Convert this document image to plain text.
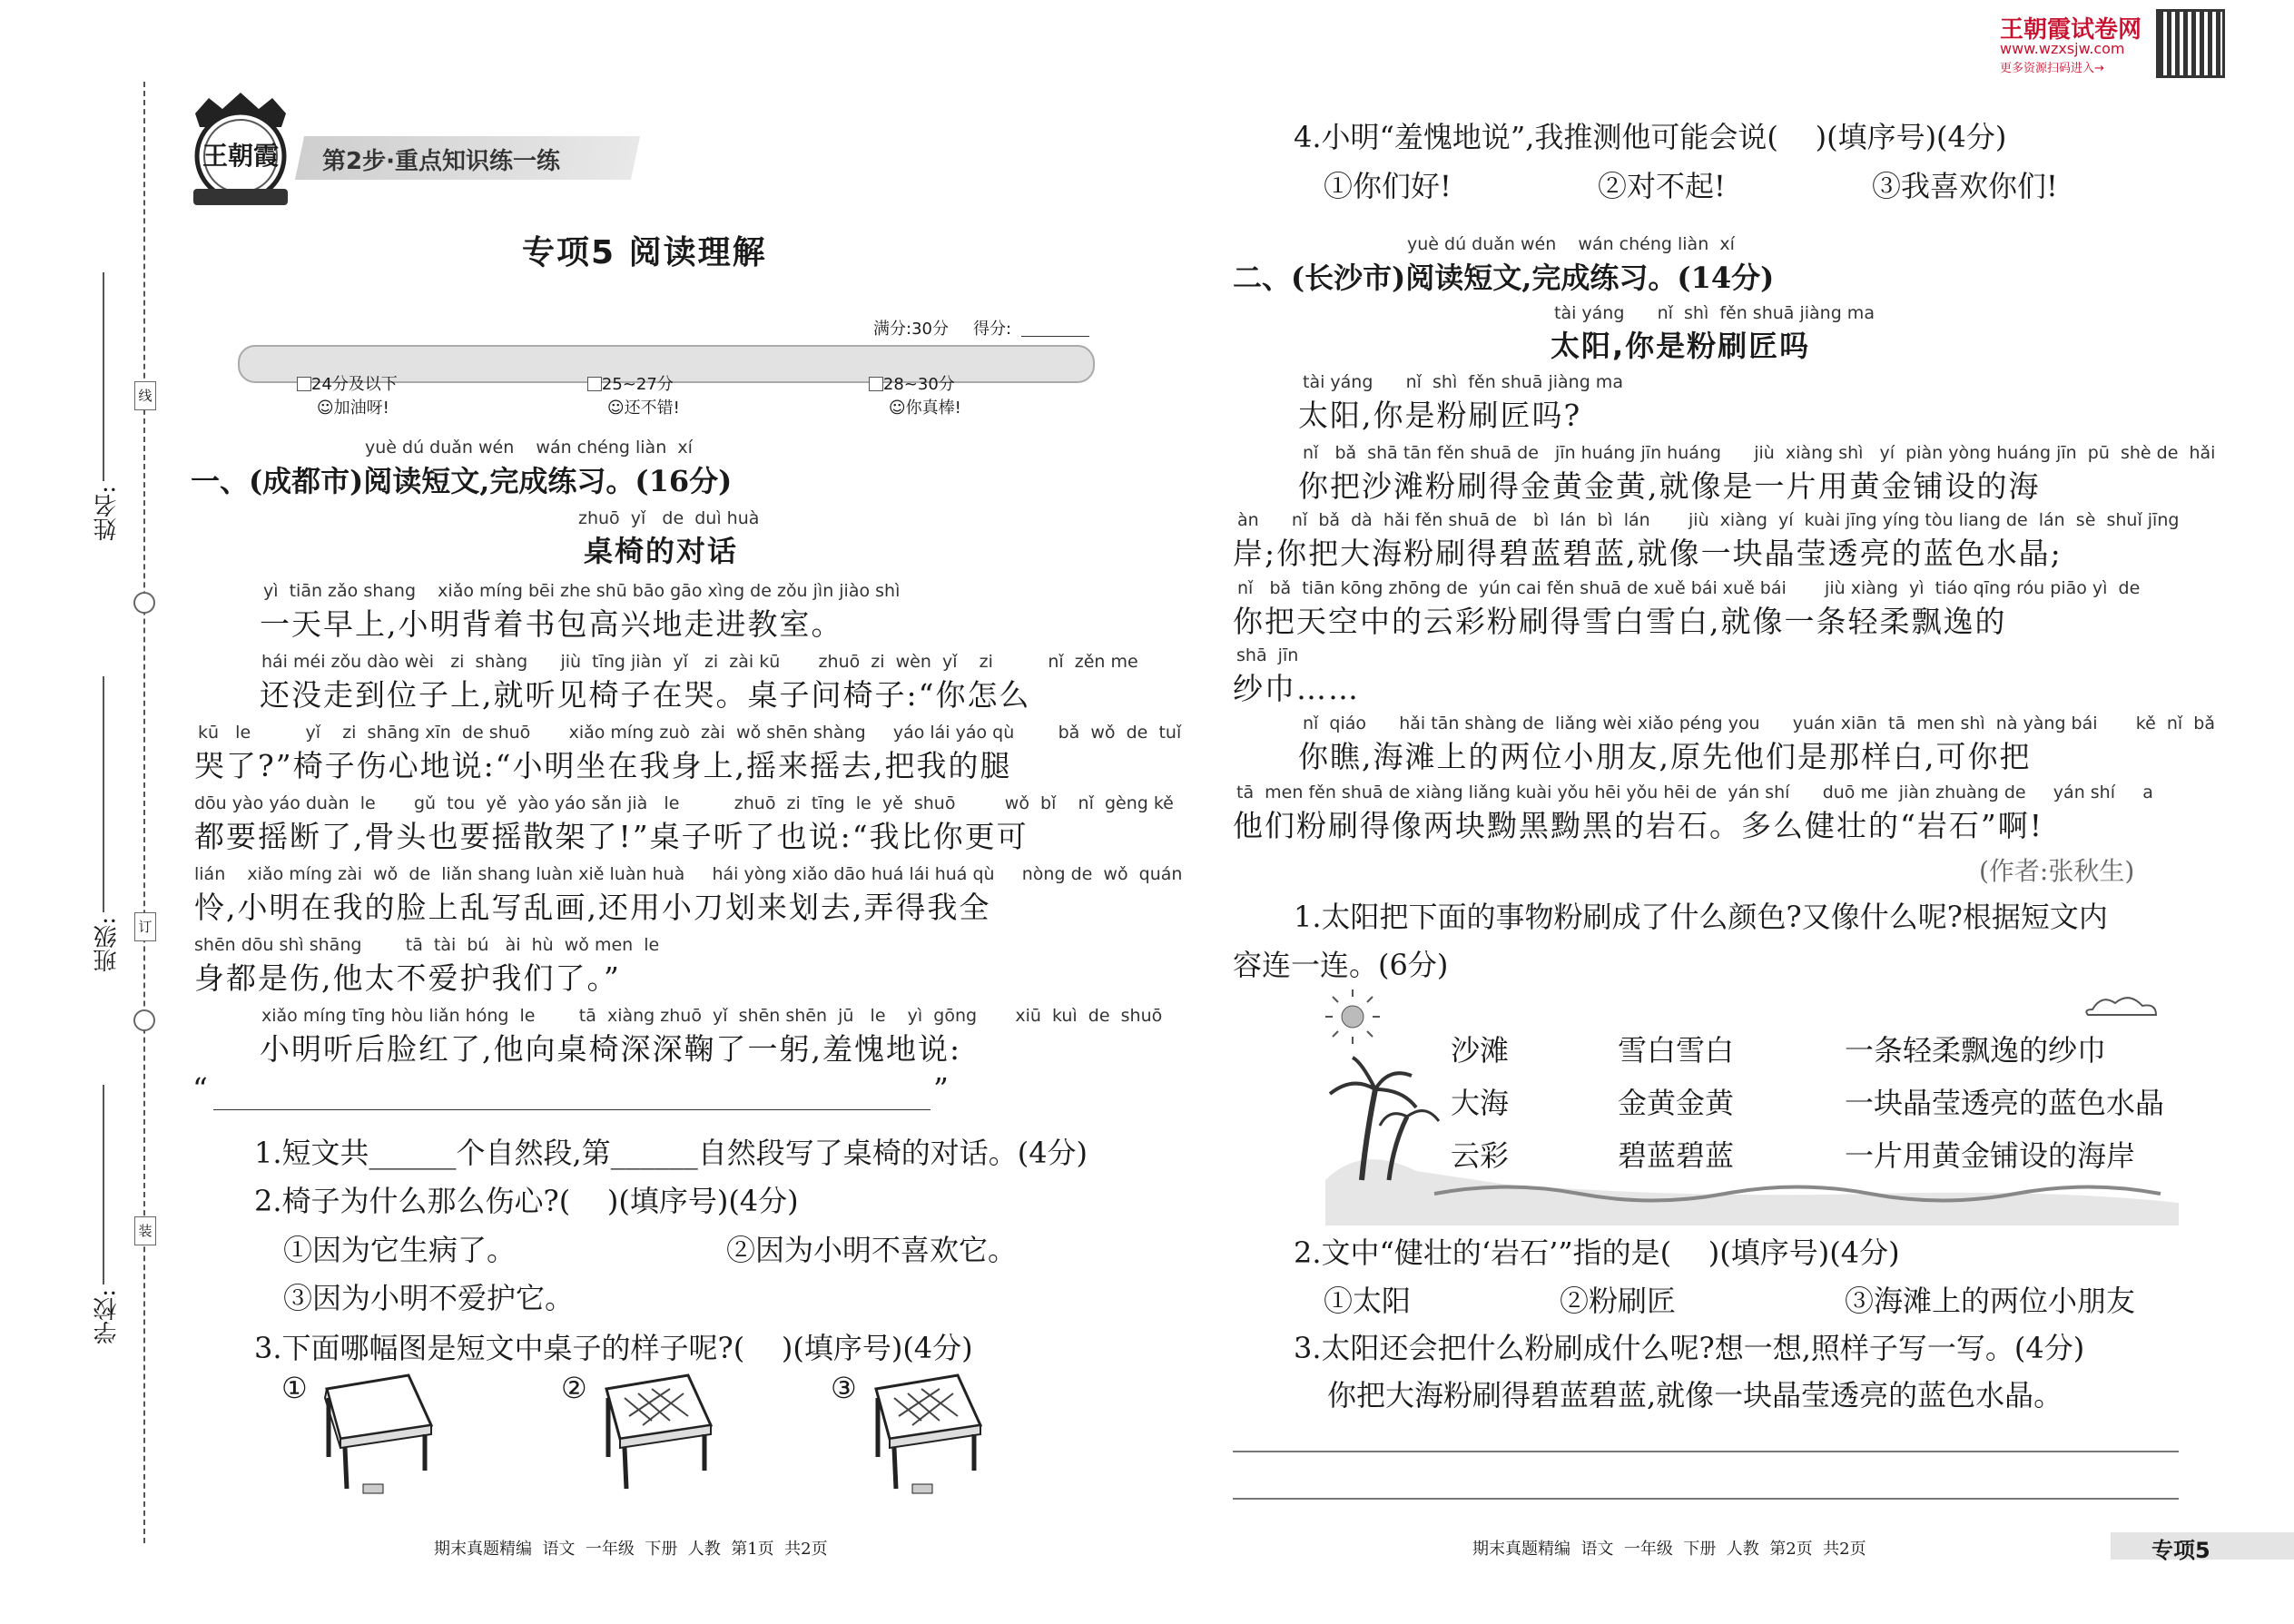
线
订
装
姓名:
班级:
学校:
王朝霞 第2步·重点知识练一练
专项5 阅读理解
满分:30分 得分:

24分及以下
☺加油呀!

25~27分
☺还不错!

28~30分
☺你真棒!

yuè dú duǎn wén    wán chéng liàn  xí
一、(成都市)阅读短文,完成练习。(16分)
zhuō  yǐ   de  duì huà
桌椅的对话
yì  tiān zǎo shang    xiǎo míng bēi zhe shū bāo gāo xìng de zǒu jìn jiào shì
一天早上,小明背着书包高兴地走进教室。
hái méi zǒu dào wèi   zi  shàng      jiù  tīng jiàn  yǐ   zi  zài kū       zhuō  zi  wèn  yǐ    zi          nǐ  zěn me
还没走到位子上,就听见椅子在哭。桌子问椅子:“你怎么
kū   le          yǐ    zi  shāng xīn  de shuō       xiǎo míng zuò  zài  wǒ shēn shàng     yáo lái yáo qù        bǎ  wǒ  de  tuǐ
哭了?”椅子伤心地说:“小明坐在我身上,摇来摇去,把我的腿
dōu yào yáo duàn  le       gǔ  tou  yě  yào yáo sǎn jià   le          zhuō  zi  tīng  le  yě  shuō         wǒ  bǐ    nǐ  gèng kě
都要摇断了,骨头也要摇散架了!”桌子听了也说:“我比你更可
lián    xiǎo míng zài  wǒ  de  liǎn shang luàn xiě luàn huà     hái yòng xiǎo dāo huá lái huá qù     nòng de  wǒ  quán
怜,小明在我的脸上乱写乱画,还用小刀划来划去,弄得我全
shēn dōu shì shāng        tā  tài  bú   ài  hù  wǒ men  le
身都是伤,他太不爱护我们了。”
xiǎo míng tīng hòu liǎn hóng  le        tā  xiàng zhuō  yǐ  shēn shēn  jū   le    yì  gōng       xiū  kuì  de  shuō
小明听后脸红了,他向桌椅深深鞠了一躬,羞愧地说:
“	”
1.短文共______个自然段,第______自然段写了桌椅的对话。(4分)
2.椅子为什么那么伤心?(    )(填序号)(4分)
①因为它生病了。	②因为小明不喜欢它。
③因为小明不爱护它。
3.下面哪幅图是短文中桌子的样子呢?(    )(填序号)(4分)
①	②	③
期末真题精编  语文  一年级  下册  人教  第1页  共2页
王朝霞试卷网
www.wzxsjw.com
更多资源扫码进入→
4.小明“羞愧地说”,我推测他可能会说(    )(填序号)(4分)
①你们好!	②对不起!	③我喜欢你们!
yuè dú duǎn wén    wán chéng liàn  xí
二、(长沙市)阅读短文,完成练习。(14分)
tài yáng      nǐ  shì  fěn shuā jiàng ma
太阳,你是粉刷匠吗
tài yáng      nǐ  shì  fěn shuā jiàng ma
太阳,你是粉刷匠吗?
nǐ   bǎ  shā tān fěn shuā de   jīn huáng jīn huáng      jiù  xiàng shì   yí  piàn yòng huáng jīn  pū  shè de  hǎi
你把沙滩粉刷得金黄金黄,就像是一片用黄金铺设的海
àn      nǐ  bǎ  dà  hǎi fěn shuā de   bì  lán  bì  lán       jiù  xiàng  yí  kuài jīng yíng tòu liang de  lán  sè  shuǐ jīng
岸;你把大海粉刷得碧蓝碧蓝,就像一块晶莹透亮的蓝色水晶;
nǐ   bǎ  tiān kōng zhōng de  yún cai fěn shuā de xuě bái xuě bái       jiù xiàng  yì  tiáo qīng róu piāo yì  de
你把天空中的云彩粉刷得雪白雪白,就像一条轻柔飘逸的
shā  jīn
纱巾……
nǐ  qiáo      hǎi tān shàng de  liǎng wèi xiǎo péng you      yuán xiān  tā  men shì  nà yàng bái       kě  nǐ  bǎ
你瞧,海滩上的两位小朋友,原先他们是那样白,可你把
tā  men fěn shuā de xiàng liǎng kuài yǒu hēi yǒu hēi de  yán shí      duō me  jiàn zhuàng de     yán shí     a
他们粉刷得像两块黝黑黝黑的岩石。多么健壮的“岩石”啊!
(作者:张秋生)
1.太阳把下面的事物粉刷成了什么颜色?又像什么呢?根据短文内
容连一连。(6分)
沙滩
大海
云彩
雪白雪白
金黄金黄
碧蓝碧蓝
一条轻柔飘逸的纱巾
一块晶莹透亮的蓝色水晶
一片用黄金铺设的海岸
2.文中“健壮的‘岩石’”指的是(    )(填序号)(4分)
①太阳	②粉刷匠	③海滩上的两位小朋友
3.太阳还会把什么粉刷成什么呢?想一想,照样子写一写。(4分)
你把大海粉刷得碧蓝碧蓝,就像一块晶莹透亮的蓝色水晶。
期末真题精编  语文  一年级  下册  人教  第2页  共2页	专项5
